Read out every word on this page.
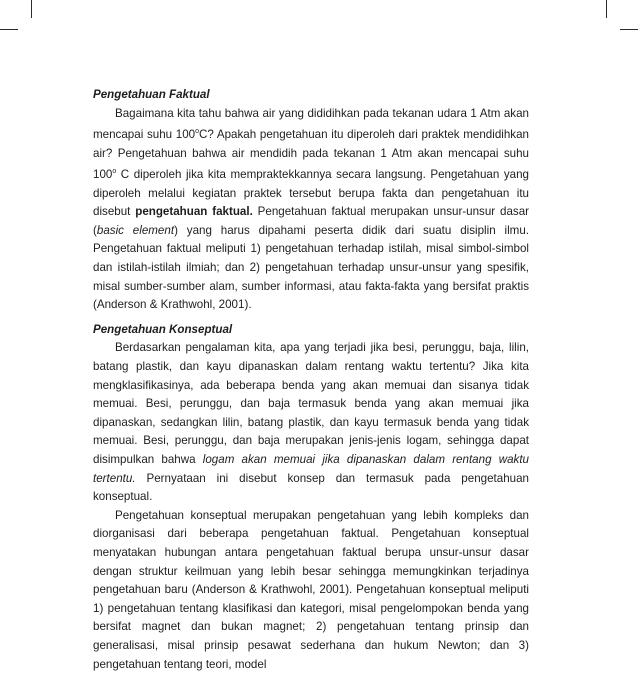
Pengetahuan Faktual

Bagaimana kita tahu bahwa air yang dididihkan pada tekanan udara 1 Atm akan mencapai suhu 100$^o$C? Apakah pengetahuan itu diperoleh dari praktek mendidihkan air? Pengetahuan bahwa air mendidih pada tekanan 1 Atm akan mencapai suhu 100$^o$ C diperoleh jika kita mempraktekkannya secara langsung. Pengetahuan yang diperoleh melalui kegiatan praktek tersebut berupa fakta dan pengetahuan itu disebut pengetahuan faktual. Pengetahuan faktual merupakan unsur-unsur dasar (basic element) yang harus dipahami peserta didik dari suatu disiplin ilmu. Pengetahuan faktual meliputi 1) pengetahuan terhadap istilah, misal simbol-simbol dan istilah-istilah ilmiah; dan 2) pengetahuan terhadap unsur-unsur yang spesifik, misal sumber-sumber alam, sumber informasi, atau fakta-fakta yang bersifat praktis (Anderson & Krathwohl, 2001).

Pengetahuan Konseptual

Berdasarkan pengalaman kita, apa yang terjadi jika besi, perunggu, baja, lilin, batang plastik, dan kayu dipanaskan dalam rentang waktu tertentu? Jika kita mengklasifikasinya, ada beberapa benda yang akan memuai dan sisanya tidak memuai. Besi, perunggu, dan baja termasuk benda yang akan memuai jika dipanaskan, sedangkan lilin, batang plastik, dan kayu termasuk benda yang tidak memuai. Besi, perunggu, dan baja merupakan jenis-jenis logam, sehingga dapat disimpulkan bahwa logam akan memuai jika dipanaskan dalam rentang waktu tertentu. Pernyataan ini disebut konsep dan termasuk pada pengetahuan konseptual.

Pengetahuan konseptual merupakan pengetahuan yang lebih kompleks dan diorganisasi dari beberapa pengetahuan faktual. Pengetahuan konseptual menyatakan hubungan antara pengetahuan faktual berupa unsur-unsur dasar dengan struktur keilmuan yang lebih besar sehingga memungkinkan terjadinya pengetahuan baru (Anderson & Krathwohl, 2001). Pengetahuan konseptual meliputi 1) pengetahuan tentang klasifikasi dan kategori, misal pengelompokan benda yang bersifat magnet dan bukan magnet; 2) pengetahuan tentang prinsip dan generalisasi, misal prinsip pesawat sederhana dan hukum Newton; dan 3) pengetahuan tentang teori, model
